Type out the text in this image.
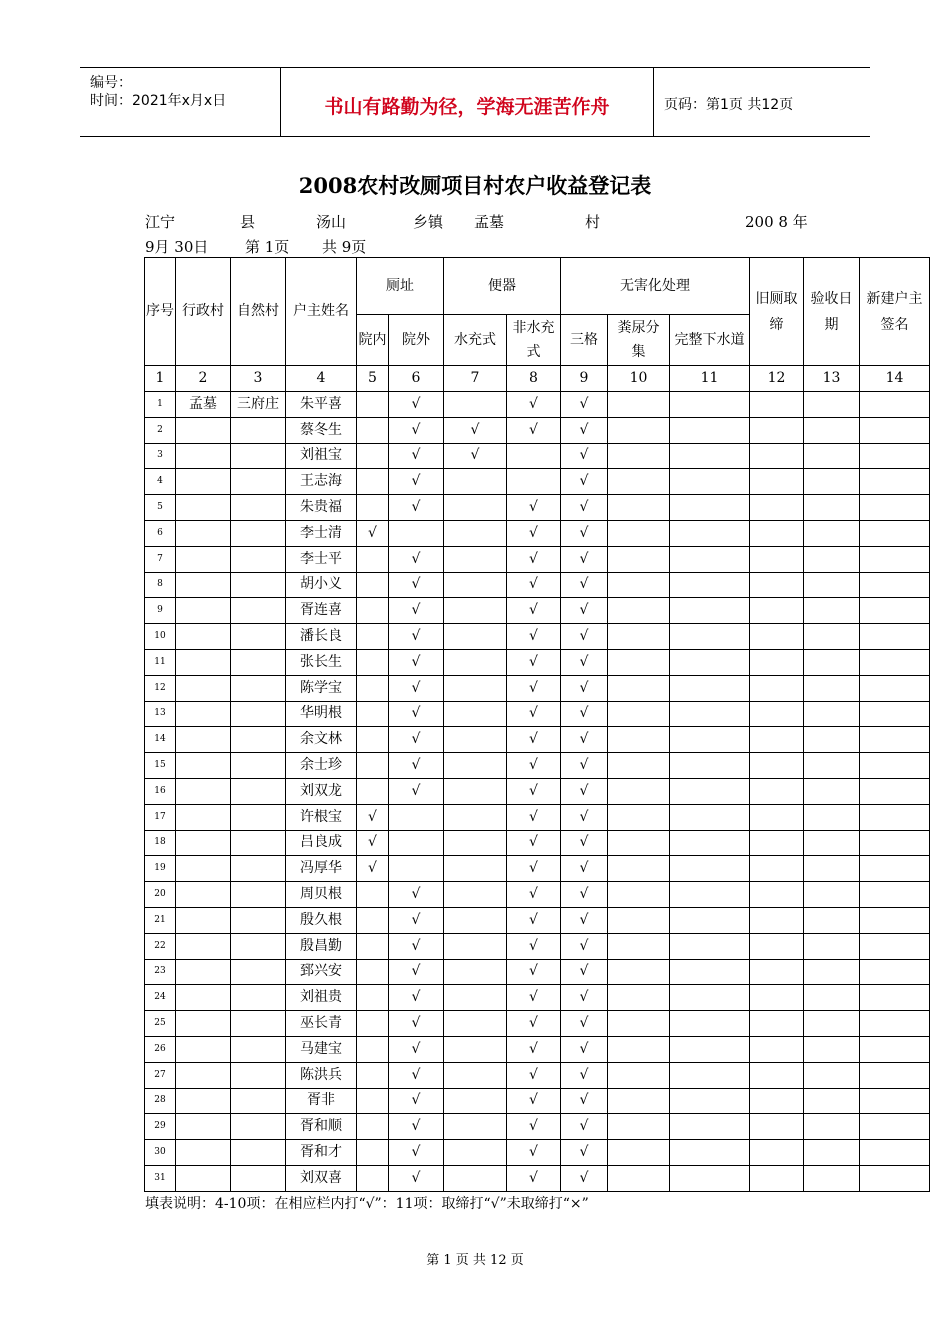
编号：
时间：2021年x月x日	书山有路勤为径，学海无涯苦作舟	页码：第1页 共12页
2008农村改厕项目村农户收益登记表
江宁	县	汤山	乡镇 孟墓	村	200 8 年
9月 30日 第 1页 共 9页
序号	行政村	自然村	户主姓名	厕址		便器		无害化处理			旧厕取缔	验收日期	新建户主签名
				院内	院外	水充式	非水充式	三格	粪尿分集	完整下水道			
1	2	3	4	5	6	7	8	9	10	11	12	13	14
1	孟墓	三府庄	朱平喜		√		√	√					
2			蔡冬生		√	√	√	√					
3			刘祖宝		√	√		√					
4			王志海		√			√					
5			朱贵福		√		√	√					
6			李士清	√			√	√					
7			李士平		√		√	√					
8			胡小义		√		√	√					
9			胥连喜		√		√	√					
10			潘长良		√		√	√					
11			张长生		√		√	√					
12			陈学宝		√		√	√					
13			华明根		√		√	√					
14			余文林		√		√	√					
15			余士珍		√		√	√					
16			刘双龙		√		√	√					
17			许根宝	√			√	√					
18			吕良成	√			√	√					
19			冯厚华	√			√	√					
20			周贝根		√		√	√					
21			殷久根		√		√	√					
22			殷昌勤		√		√	√					
23			郅兴安		√		√	√					
24			刘祖贵		√		√	√					
25			巫长青		√		√	√					
26			马建宝		√		√	√					
27			陈洪兵		√		√	√					
28			胥非		√		√	√					
29			胥和顺		√		√	√					
30			胥和才		√		√	√					
31			刘双喜		√		√	√					
填表说明：4-10项：在相应栏内打“√”：11项：取缔打“√”未取缔打“×”
第 1 页 共 12 页
